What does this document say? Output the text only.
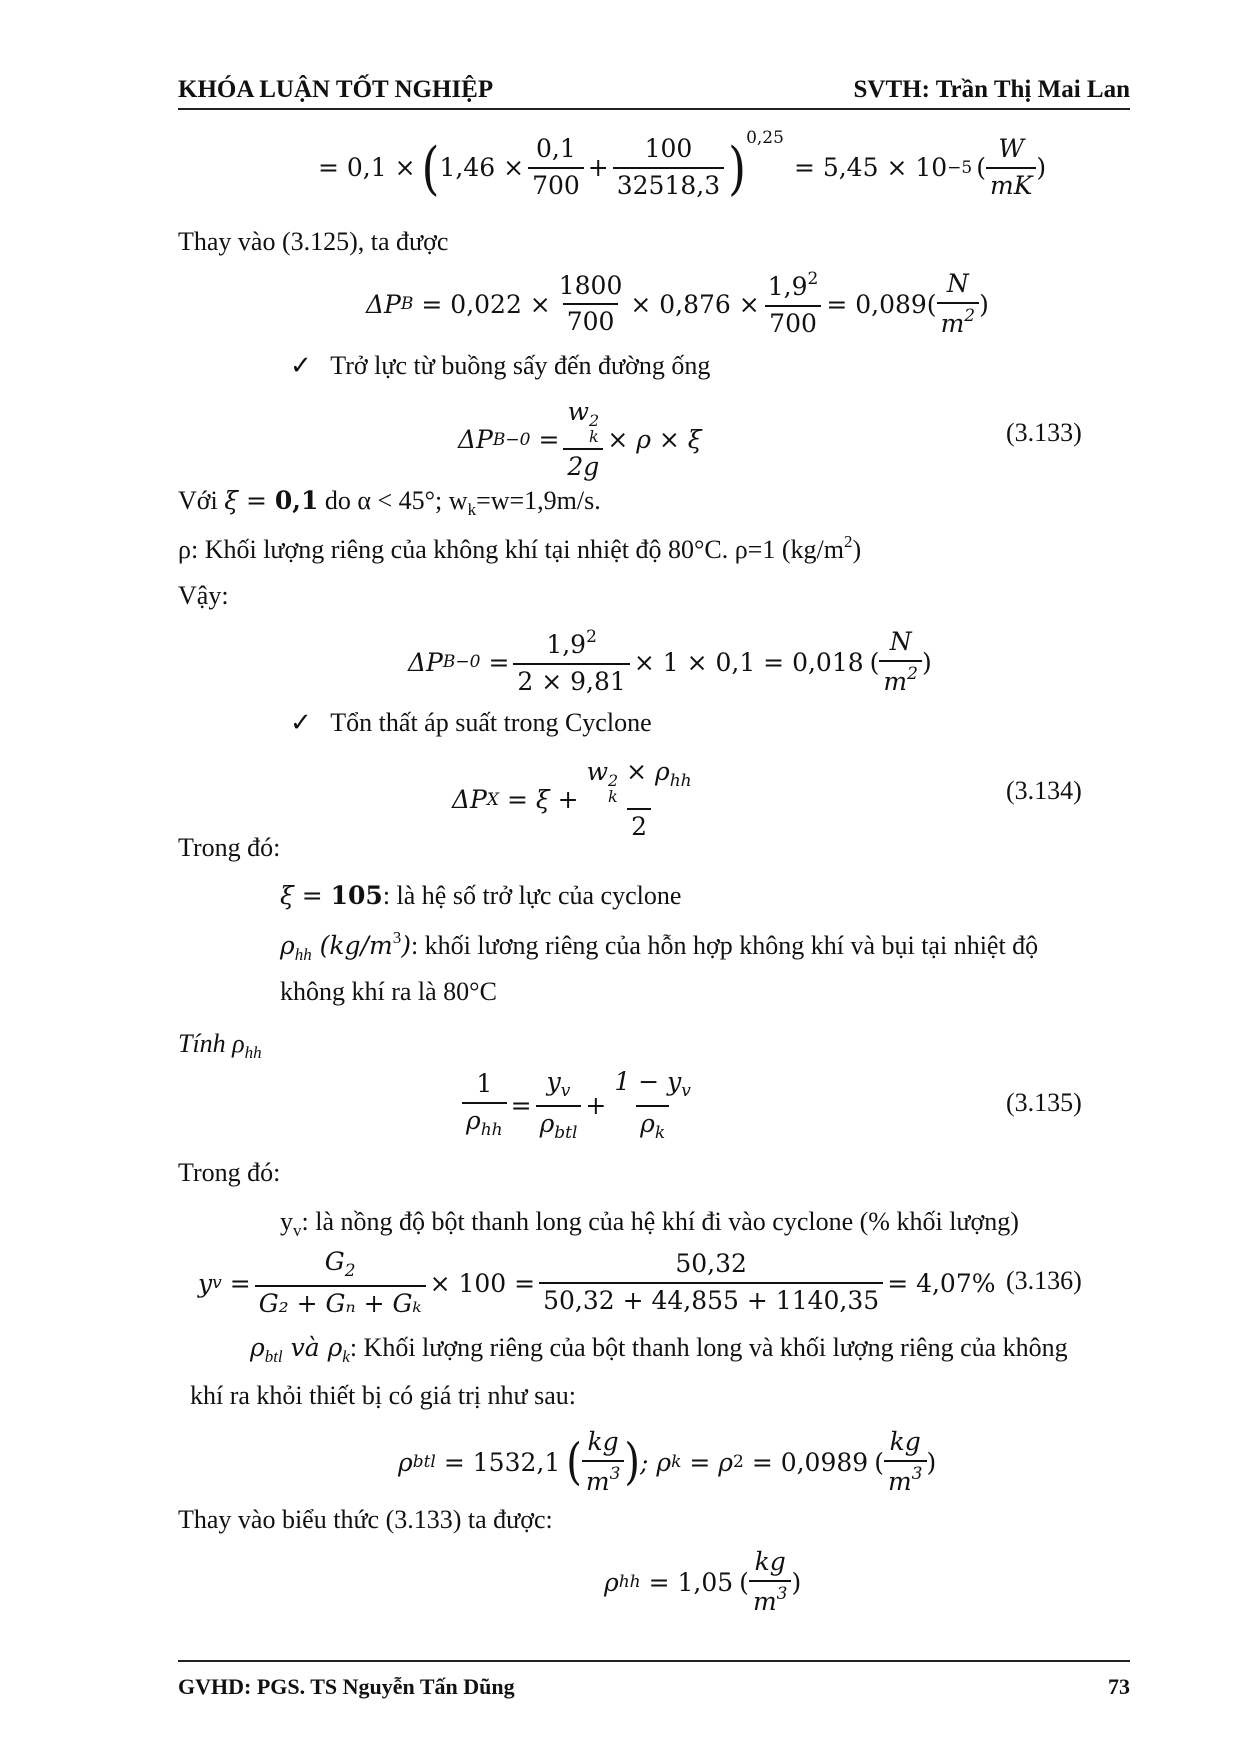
KHÓA LUẬN TỐT NGHIỆP	SVTH: Trần Thị Mai Lan
= 0,1 × ( $1,46 \times \frac{0,1}{700} + \frac{100}{32518,3}$ ) 0,25
= 5,45 × 10 −5 ( $\frac{W}{mK}$ )
Thay vào (3.125), ta được
ΔP $B = 0,022 \times \frac{1800}{700} \times 0,876 \times \frac{1,9^2}{700} = 0,089$ ( $\frac{N}{m^2}$ )
✓ Trở lực từ buồng sấy đến đường ống
ΔP B−0 = w 2
k
2g × ρ × ξ	(3.133)
Với ξ = 0,1 do α < 45°; $w_k=w=1,9m/s$.
ρ: Khối lượng riêng của không khí tại nhiệt độ 80°C. ρ=1 $(kg/m^2)$
Vậy:
ΔP $B-0 = \frac{1,9^2}{2 \times 9,81} \times 1 \times 0,1 = 0,018$ ( $\frac{N}{m^2}$ )
✓ Tổn thất áp suất trong Cyclone
ΔP X = ξ + w 2
k
× $\rho_{hh}$
2	(3.134)
Trong đó:
ξ = 105: là hệ số trở lực của cyclone
$\rho_{hh}$ $(kg/m^3)$: khối lương riêng của hỗn hợp không khí và bụi tại nhiệt độ
không khí ra là 80°C
Tính $\rho_{hh}$
$\frac{1}{\rho_{hh}} = \frac{y_v}{\rho_{btl}} + \frac{1 - y_v}{\rho_k}$	(3.135)
Trong đó:
$y_v$: là nồng độ bột thanh long của hệ khí đi vào cyclone (% khối lượng)
y $v = \frac{G_2}{\text{G₂ + Gₙ + Gₖ}} \times 100 = \frac{50,32}{50,32 + 44,855 + 1140,35} = 4,07\%$ (3.136)
$\rho_{btl}$ và $\rho_k$: Khối lượng riêng của bột thanh long và khối lượng riêng của không
khí ra khỏi thiết bị có giá trị như sau:
ρ btl = 1532,1 ( $\frac{kg}{m^3}$ ) ; ρ k = ρ 2 = 0,0989 ( $\frac{kg}{m^3}$ )
Thay vào biểu thức (3.133) ta được:
ρ hh = 1,05 ( $\frac{kg}{m^3}$ )
GVHD: PGS. TS Nguyễn Tấn Dũng	73
